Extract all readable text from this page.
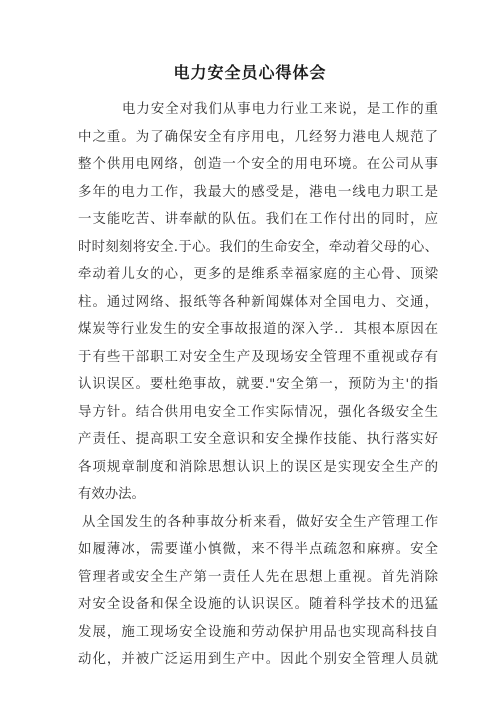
电力安全员心得体会
电力安全对我们从事电力行业工来说，是工作的重
中之重。为了确保安全有序用电，几经努力港电人规范了
整个供用电网络，创造一个安全的用电环境。在公司从事
多年的电力工作，我最大的感受是，港电一线电力职工是
一支能吃苦、讲奉献的队伍。我们在工作付出的同时，应
时时刻刻将安全.于心。我们的生命安全，牵动着父母的心、
牵动着儿女的心，更多的是维系幸福家庭的主心骨、顶梁
柱。通过网络、报纸等各种新闻媒体对全国电力、交通，
煤炭等行业发生的安全事故报道的深入学.．其根本原因在
于有些干部职工对安全生产及现场安全管理不重视或存有
认识误区。要杜绝事故，就要."安全第一，预防为主'的指
导方针。结合供用电安全工作实际情况，强化各级安全生
产责任、提高职工安全意识和安全操作技能、执行落实好
各项规章制度和消除思想认识上的误区是实现安全生产的
有效办法。
从全国发生的各种事故分析来看，做好安全生产管理工作
如履薄冰，需要谨小慎微，来不得半点疏忽和麻痹。安全
管理者或安全生产第一责任人先在思想上重视。首先消除
对安全设备和保全设施的认识误区。随着科学技术的迅猛
发展，施工现场安全设施和劳动保护用品也实现高科技自
动化，并被广泛运用到生产中。因此个别安全管理人员就
